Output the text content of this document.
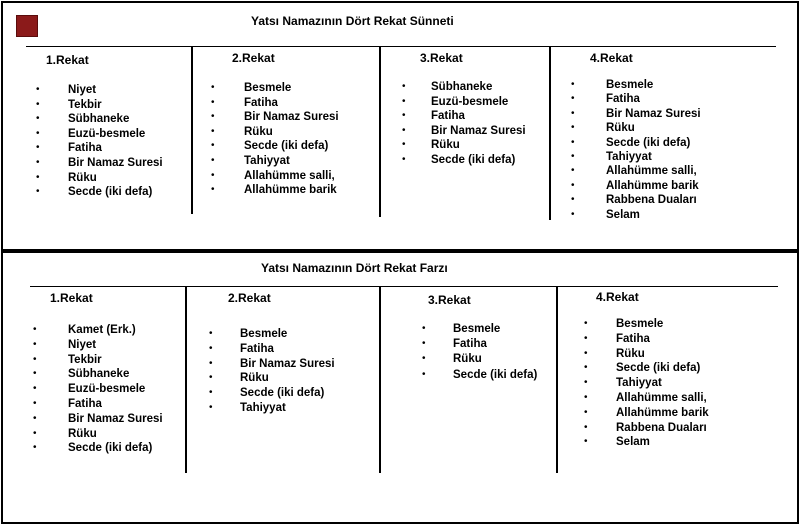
Yatsı Namazının Dört Rekat Sünneti
Yatsı Namazının Dört Rekat Farzı
1.Rekat
• Niyet
• Tekbir
• Sübhaneke
• Euzü-besmele
• Fatiha
• Bir Namaz Suresi
• Rüku
• Secde (iki defa)
2.Rekat
•	Besmele
•	Fatiha
•	Bir Namaz Suresi
•	Rüku
•	Secde (iki defa)
•	Tahiyyat
•	Allahümme salli,
•	Allahümme barik
3.Rekat
• Sübhaneke
• Euzü-besmele
• Fatiha
• Bir Namaz Suresi
• Rüku
• Secde (iki defa)
4.Rekat
•	Besmele
•	Fatiha
•	Bir Namaz Suresi
•	Rüku
•	Secde (iki defa)
•	Tahiyyat
•	Allahümme salli,
•	Allahümme barik
•	Rabbena Duaları
•	Selam
1.Rekat
•	Kamet (Erk.)
•	Niyet
•	Tekbir
•	Sübhaneke
•	Euzü-besmele
•	Fatiha
•	Bir Namaz Suresi
•	Rüku
•	Secde (iki defa)
2.Rekat
• Besmele
• Fatiha
• Bir Namaz Suresi
• Rüku
• Secde (iki defa)
• Tahiyyat
3.Rekat
• Besmele
• Fatiha
• Rüku
• Secde (iki defa)
4.Rekat
• Besmele
• Fatiha
• Rüku
• Secde (iki defa)
• Tahiyyat
• Allahümme salli,
• Allahümme barik
• Rabbena Duaları
• Selam
